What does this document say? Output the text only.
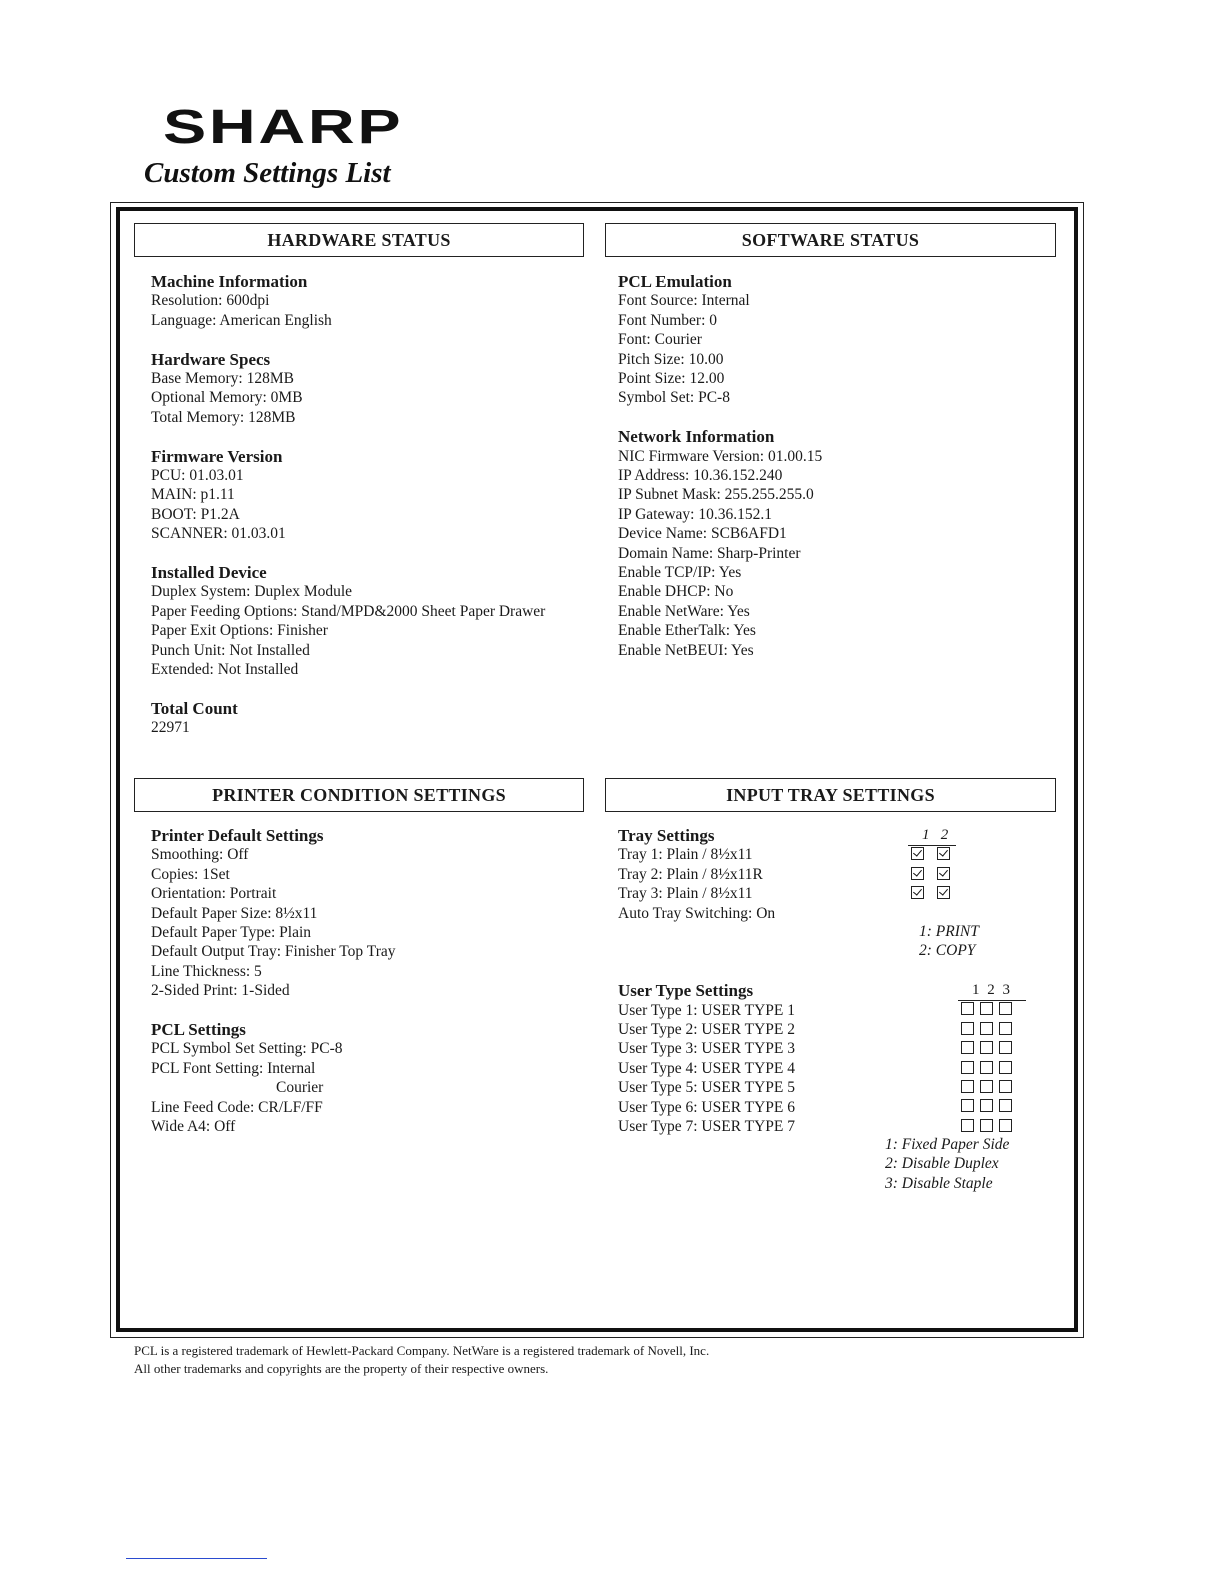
SHARP
Custom Settings List
HARDWARE STATUS
Machine Information
Resolution: 600dpi
Language: American English
Hardware Specs
Base Memory: 128MB
Optional Memory: 0MB
Total Memory: 128MB
Firmware Version
PCU: 01.03.01
MAIN: p1.11
BOOT: P1.2A
SCANNER: 01.03.01
Installed Device
Duplex System: Duplex Module
Paper Feeding Options: Stand/MPD&2000 Sheet Paper Drawer
Paper Exit Options: Finisher
Punch Unit: Not Installed
Extended: Not Installed
Total Count
22971
SOFTWARE STATUS
PCL Emulation
Font Source: Internal
Font Number: 0
Font: Courier
Pitch Size: 10.00
Point Size: 12.00
Symbol Set: PC-8
Network Information
NIC Firmware Version: 01.00.15
IP Address: 10.36.152.240
IP Subnet Mask: 255.255.255.0
IP Gateway: 10.36.152.1
Device Name: SCB6AFD1
Domain Name: Sharp-Printer
Enable TCP/IP: Yes
Enable DHCP: No
Enable NetWare: Yes
Enable EtherTalk: Yes
Enable NetBEUI: Yes
PRINTER CONDITION SETTINGS
Printer Default Settings
Smoothing: Off
Copies: 1Set
Orientation: Portrait
Default Paper Size: 8½x11
Default Paper Type: Plain
Default Output Tray: Finisher Top Tray
Line Thickness: 5
2-Sided Print: 1-Sided
PCL Settings
PCL Symbol Set Setting: PC-8
PCL Font Setting: Internal
Courier
Line Feed Code: CR/LF/FF
Wide A4: Off
INPUT TRAY SETTINGS
Tray Settings
Tray 1: Plain / 8½x11
Tray 2: Plain / 8½x11R
Tray 3: Plain / 8½x11
Auto Tray Switching: On
User Type Settings
User Type 1: USER TYPE 1
User Type 2: USER TYPE 2
User Type 3: USER TYPE 3
User Type 4: USER TYPE 4
User Type 5: USER TYPE 5
User Type 6: USER TYPE 6
User Type 7: USER TYPE 7
1   2
1: PRINT
2: COPY
1 2 3
1: Fixed Paper Side
2: Disable Duplex
3: Disable Staple
PCL is a registered trademark of Hewlett-Packard Company. NetWare is a registered trademark of Novell, Inc.
All other trademarks and copyrights are the property of their respective owners.
